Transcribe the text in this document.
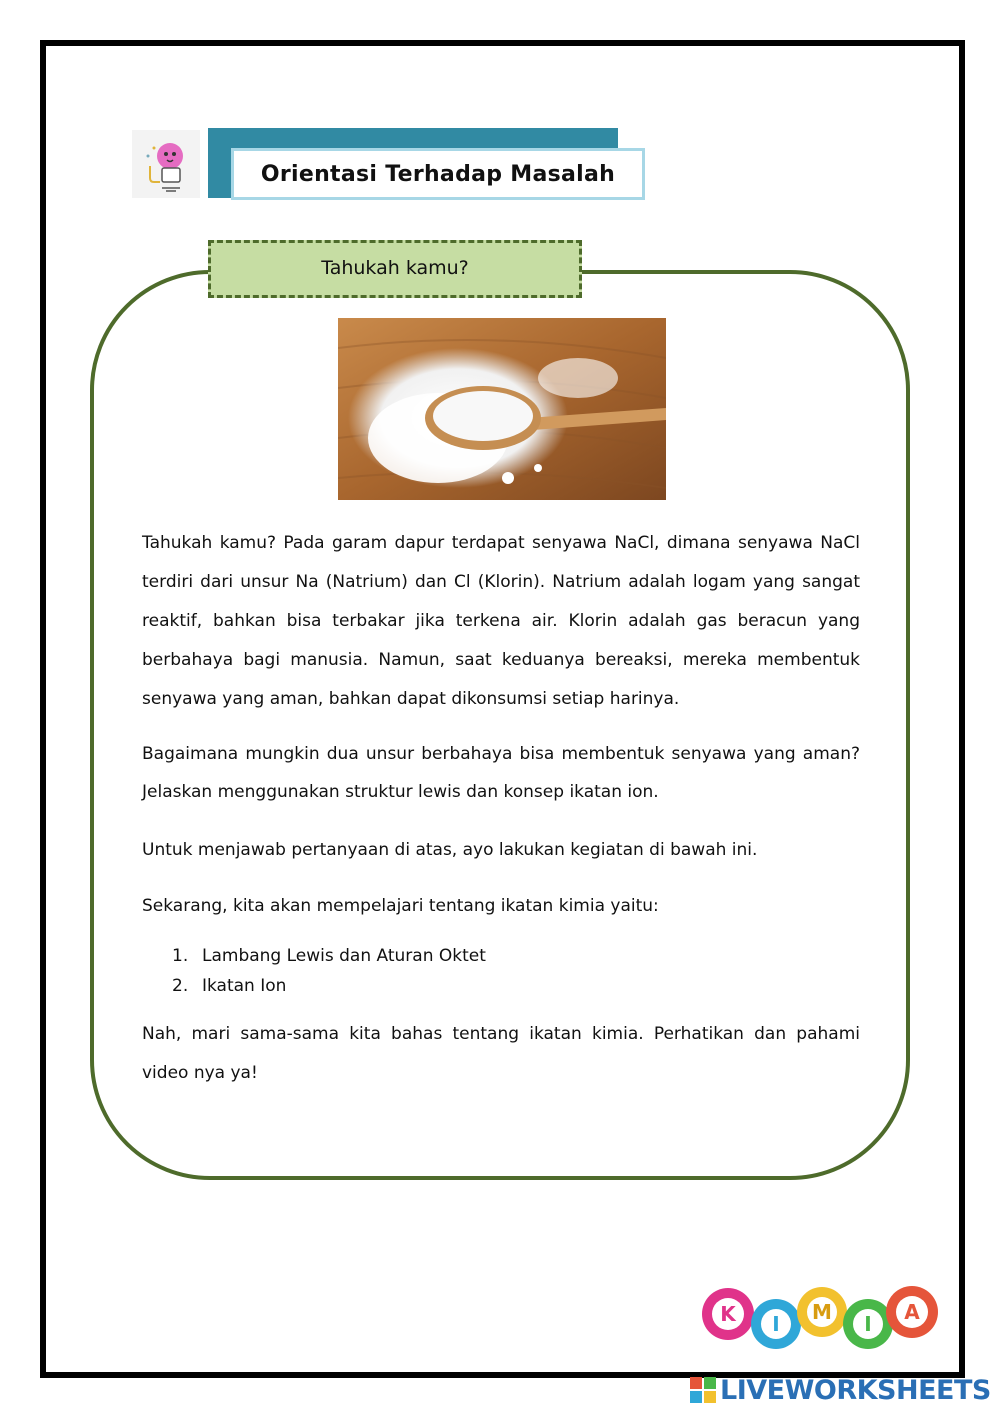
Orientasi Terhadap Masalah
Tahukah kamu?

Tahukah kamu? Pada garam dapur terdapat senyawa NaCl, dimana senyawa NaCl terdiri dari unsur Na (Natrium) dan Cl (Klorin). Natrium adalah logam yang sangat reaktif, bahkan bisa terbakar jika terkena air. Klorin adalah gas beracun yang berbahaya bagi manusia. Namun, saat keduanya bereaksi, mereka membentuk senyawa yang aman, bahkan dapat dikonsumsi setiap harinya.

Bagaimana mungkin dua unsur berbahaya bisa membentuk senyawa yang aman? Jelaskan menggunakan struktur lewis dan konsep ikatan ion.

Untuk menjawab pertanyaan di atas, ayo lakukan kegiatan di bawah ini.

Sekarang, kita akan mempelajari tentang ikatan kimia yaitu:

1. Lambang Lewis dan Aturan Oktet
2. Ikatan Ion

Nah, mari sama-sama kita bahas tentang ikatan kimia. Perhatikan dan pahami video nya ya!

K I M I A
LIVEWORKSHEETS
